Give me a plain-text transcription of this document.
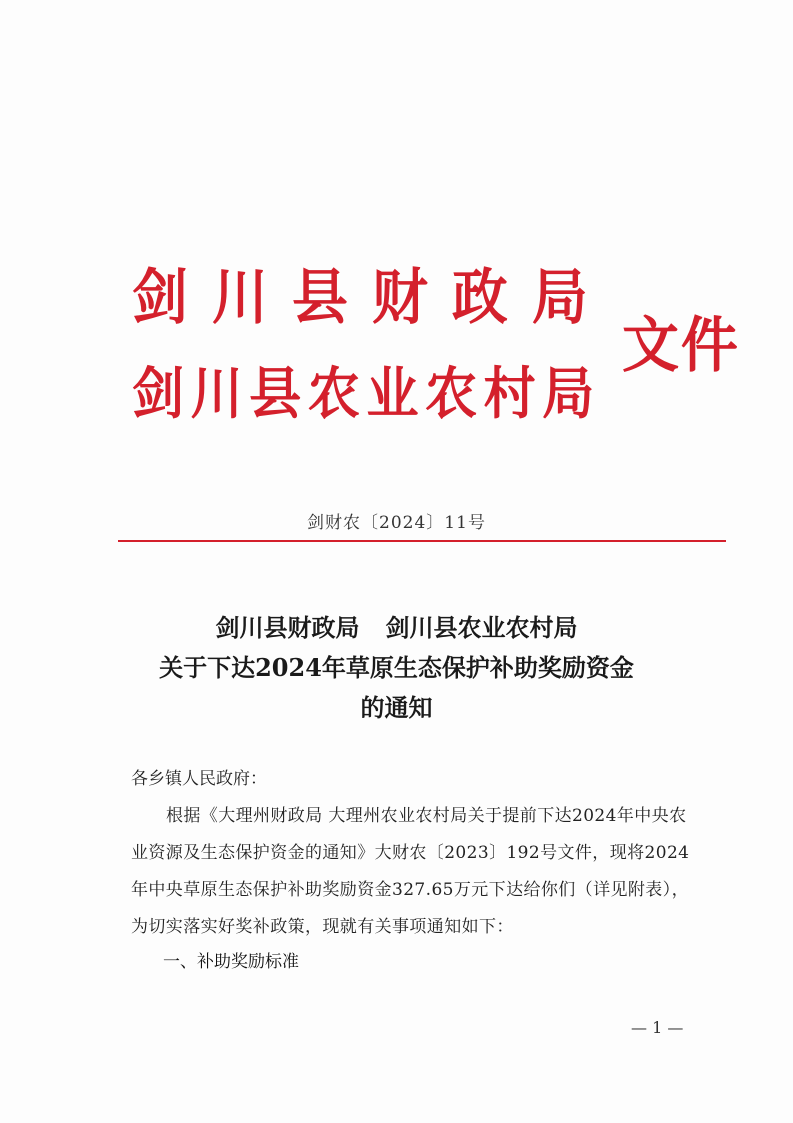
剑川县财政局
剑川县农业农村局
文件
剑财农〔2024〕11号
剑川县财政局 剑川县农业农村局
关于下达2024年草原生态保护补助奖励资金
的通知
各乡镇人民政府：
根据《大理州财政局 大理州农业农村局关于提前下达2024年中央农
业资源及生态保护资金的通知》大财农〔2023〕192号文件，现将2024
年中央草原生态保护补助奖励资金327.65万元下达给你们（详见附表），
为切实落实好奖补政策，现就有关事项通知如下：
一、补助奖励标准
— 1 —
